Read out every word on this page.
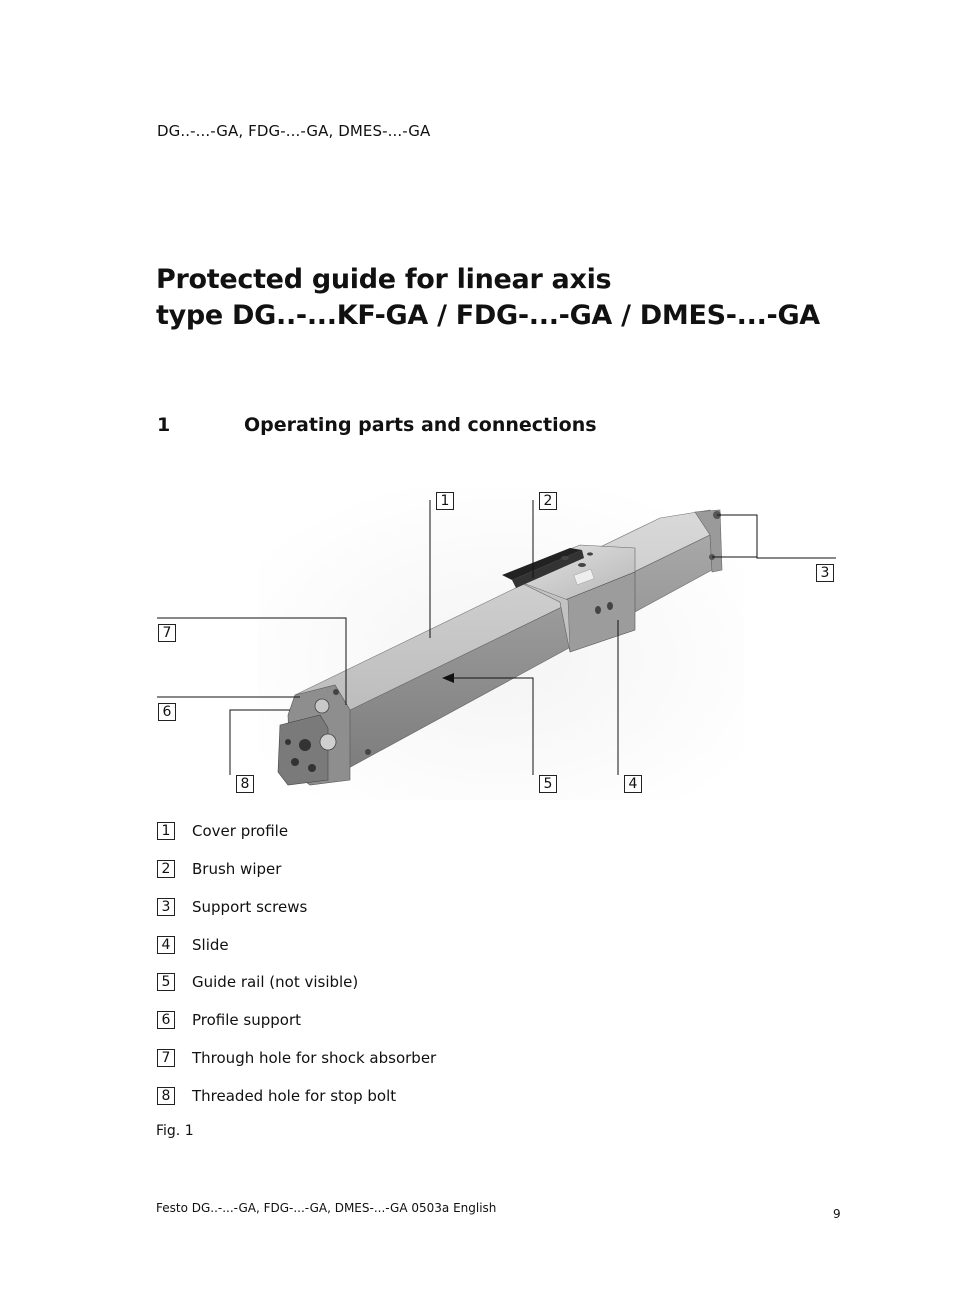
DG..-...-GA, FDG-...-GA, DMES-...-GA
Protected guide for linear axis
type DG..-...KF-GA / FDG-...-GA / DMES-...-GA
1	Operating parts and connections
1	2
3
4
5
6
7
8
1	Cover profile
2	Brush wiper
3	Support screws
4	Slide
5	Guide rail (not visible)
6	Profile support
7	Through hole for shock absorber
8	Threaded hole for stop bolt
Fig. 1
Festo DG..-...-GA, FDG-...-GA, DMES-...-GA 0503a English	9
